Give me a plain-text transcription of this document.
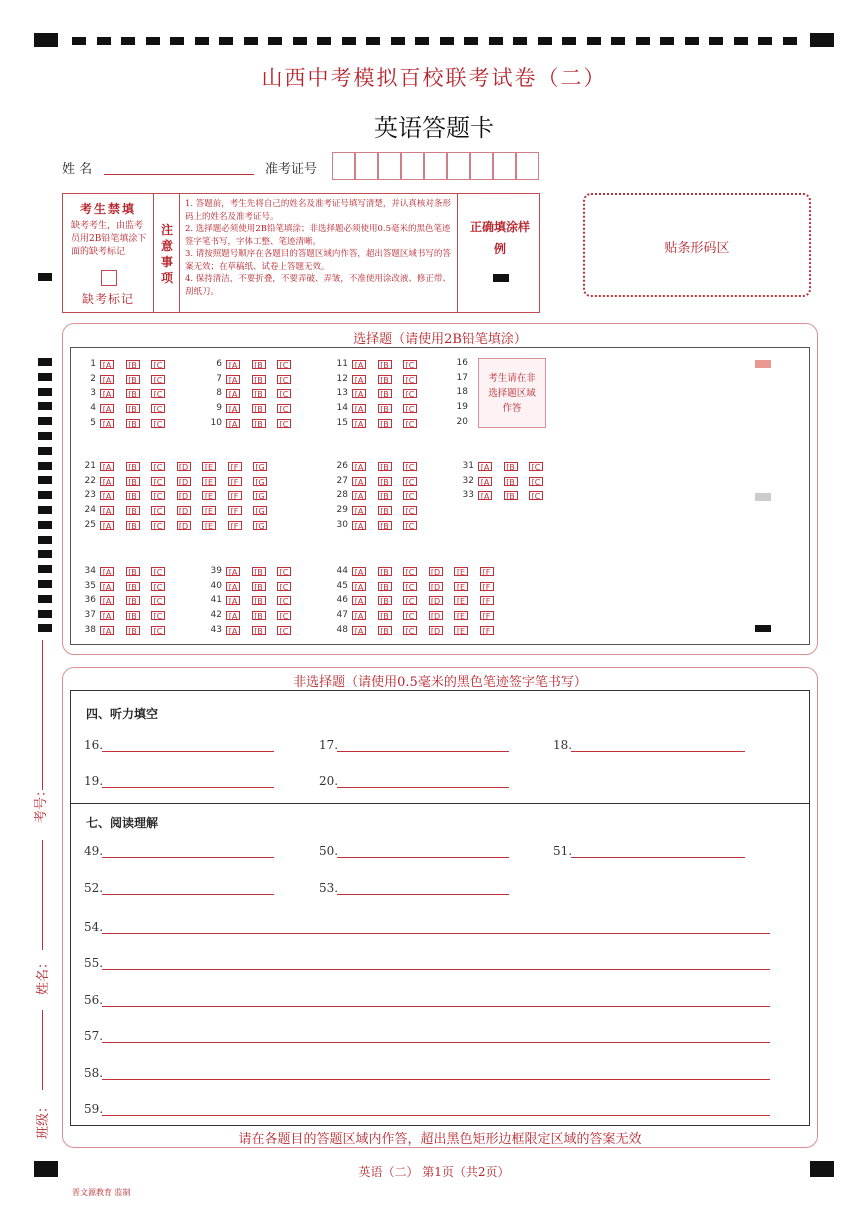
山西中考模拟百校联考试卷（二）
英语答题卡
姓 名	准考证号
考生禁填
缺考考生，由监考员用2B铅笔填涂下面的缺考标记
缺考标记
注意事项
1. 答题前，考生先将自己的姓名及准考证号填写清楚，并认真核对条形码上的姓名及准考证号。
2. 选择题必须使用2B铅笔填涂；非选择题必须使用0.5毫米的黑色笔迹签字笔书写，字体工整、笔迹清晰。
3. 请按照题号顺序在各题目的答题区域内作答，超出答题区域书写的答案无效；在草稿纸、试卷上答题无效。
4. 保持清洁，不要折叠，不要弄破、弄皱，不准使用涂改液、修正带、刮纸刀。
正确填涂样例	贴条形码区
选择题（请使用2B铅笔填涂）
考生请在非选择题区域作答
16
17
18
19
20
1 [A	[B	[C
2 [A	[B	[C
3 [A	[B	[C
4 [A	[B	[C
5 [A	[B	[C
6 [A	[B	[C
7 [A	[B	[C
8 [A	[B	[C
9 [A	[B	[C
10 [A	[B	[C
11 [A	[B	[C
12 [A	[B	[C
13 [A	[B	[C
14 [A	[B	[C
15 [A	[B	[C
21 [A	[B	[C	[D	[E	[F	[G
22 [A	[B	[C	[D	[E	[F	[G
23 [A	[B	[C	[D	[E	[F	[G
24 [A	[B	[C	[D	[E	[F	[G
25 [A	[B	[C	[D	[E	[F	[G
26 [A	[B	[C
27 [A	[B	[C
28 [A	[B	[C
29 [A	[B	[C
30 [A	[B	[C
31 [A	[B	[C
32 [A	[B	[C
33 [A	[B	[C
34 [A	[B	[C
35 [A	[B	[C
36 [A	[B	[C
37 [A	[B	[C
38 [A	[B	[C
39 [A	[B	[C
40 [A	[B	[C
41 [A	[B	[C
42 [A	[B	[C
43 [A	[B	[C
44 [A	[B	[C	[D	[E	[F
45 [A	[B	[C	[D	[E	[F
46 [A	[B	[C	[D	[E	[F
47 [A	[B	[C	[D	[E	[F
48 [A	[B	[C	[D	[E	[F
非选择题（请使用0.5毫米的黑色笔迹签字笔书写）
四、听力填空
七、阅读理解
16.	17.	18.
19.	20.
49.	50.	51.
52.	53.
54.
55.
56.
57.
58.
59.
请在各题目的答题区域内作答，超出黑色矩形边框限定区域的答案无效
考号：
姓名：
班级：
英语（二） 第1页（共2页）
晋文源教育 监制
